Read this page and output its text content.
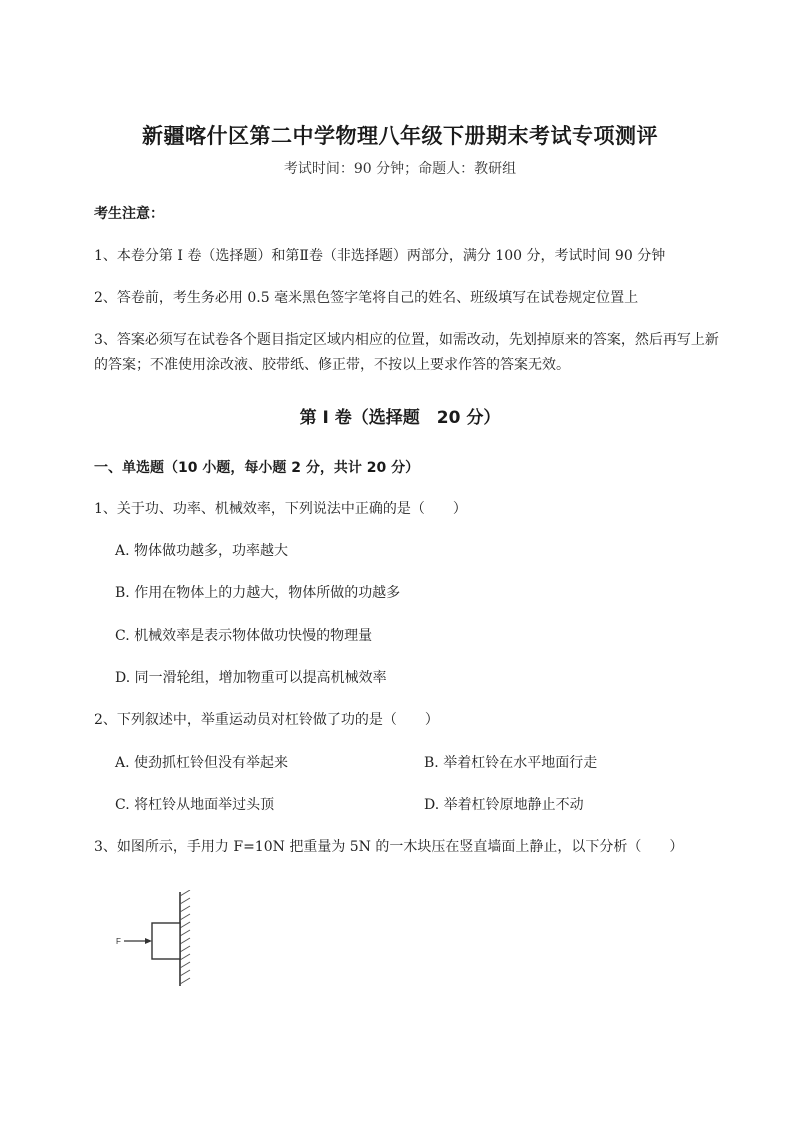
新疆喀什区第二中学物理八年级下册期末考试专项测评
考试时间：90 分钟；命题人：教研组
考生注意：
1、本卷分第 I 卷（选择题）和第Ⅱ卷（非选择题）两部分，满分 100 分，考试时间 90 分钟
2、答卷前，考生务必用 0.5 毫米黑色签字笔将自己的姓名、班级填写在试卷规定位置上
3、答案必须写在试卷各个题目指定区域内相应的位置，如需改动，先划掉原来的答案，然后再写上新
的答案；不准使用涂改液、胶带纸、修正带，不按以上要求作答的答案无效。
第 I 卷（选择题　20 分）
一、单选题（10 小题，每小题 2 分，共计 20 分）
1、关于功、功率、机械效率，下列说法中正确的是（　　）
A. 物体做功越多，功率越大
B. 作用在物体上的力越大，物体所做的功越多
C. 机械效率是表示物体做功快慢的物理量
D. 同一滑轮组，增加物重可以提高机械效率
2、下列叙述中，举重运动员对杠铃做了功的是（　　）
A. 使劲抓杠铃但没有举起来	B. 举着杠铃在水平地面行走
C. 将杠铃从地面举过头顶	D. 举着杠铃原地静止不动
3、如图所示，手用力 F=10N 把重量为 5N 的一木块压在竖直墙面上静止，以下分析（　　）
F
